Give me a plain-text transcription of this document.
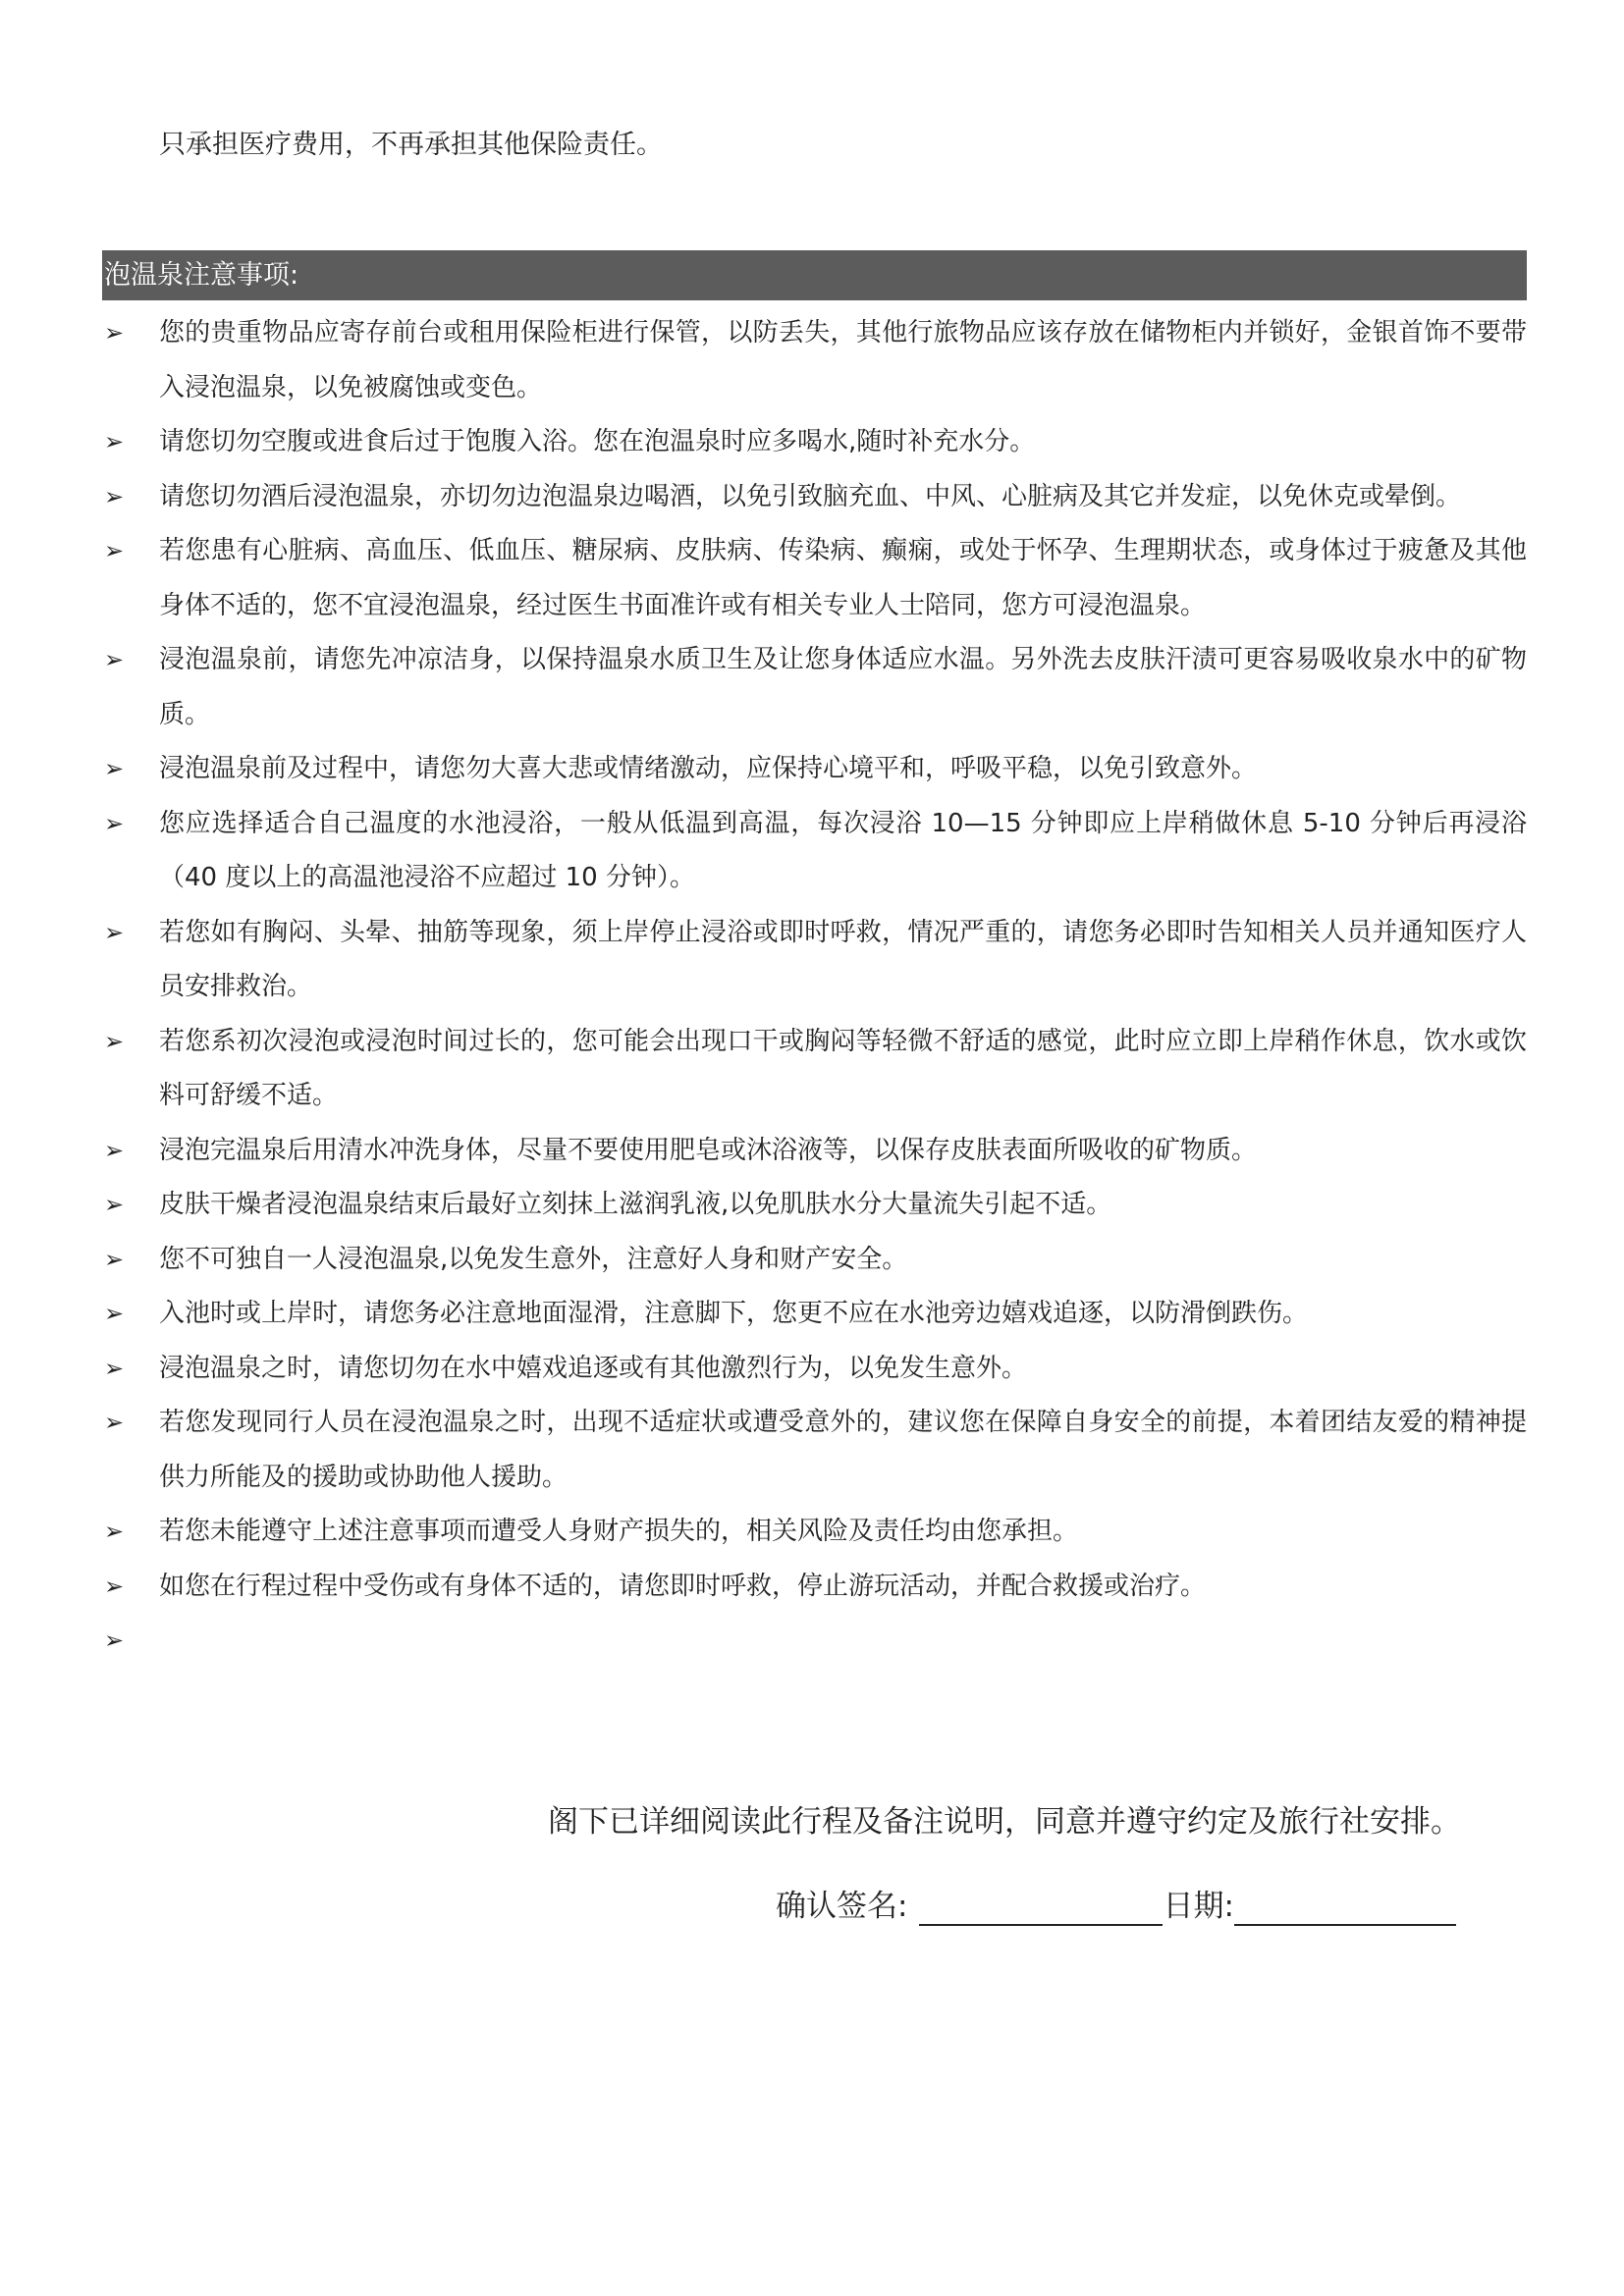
只承担医疗费用，不再承担其他保险责任。
泡温泉注意事项:
➢	您的贵重物品应寄存前台或租用保险柜进行保管，以防丢失，其他行旅物品应该存放在储物柜内并锁好，金银首饰不要带入浸泡温泉，以免被腐蚀或变色。
➢	请您切勿空腹或进食后过于饱腹入浴。您在泡温泉时应多喝水,随时补充水分。
➢	请您切勿酒后浸泡温泉，亦切勿边泡温泉边喝酒，以免引致脑充血、中风、心脏病及其它并发症，以免休克或晕倒。
➢	若您患有心脏病、高血压、低血压、糖尿病、皮肤病、传染病、癫痫，或处于怀孕、生理期状态，或身体过于疲惫及其他身体不适的，您不宜浸泡温泉，经过医生书面准许或有相关专业人士陪同，您方可浸泡温泉。
➢	浸泡温泉前，请您先冲凉洁身，以保持温泉水质卫生及让您身体适应水温。另外洗去皮肤汗渍可更容易吸收泉水中的矿物质。
➢	浸泡温泉前及过程中，请您勿大喜大悲或情绪激动，应保持心境平和，呼吸平稳，以免引致意外。
➢	您应选择适合自己温度的水池浸浴，一般从低温到高温，每次浸浴 10—15 分钟即应上岸稍做休息 5-10 分钟后再浸浴（40 度以上的高温池浸浴不应超过 10 分钟）。
➢	若您如有胸闷、头晕、抽筋等现象，须上岸停止浸浴或即时呼救，情况严重的，请您务必即时告知相关人员并通知医疗人员安排救治。
➢	若您系初次浸泡或浸泡时间过长的，您可能会出现口干或胸闷等轻微不舒适的感觉，此时应立即上岸稍作休息，饮水或饮料可舒缓不适。
➢	浸泡完温泉后用清水冲洗身体，尽量不要使用肥皂或沐浴液等，以保存皮肤表面所吸收的矿物质。
➢	皮肤干燥者浸泡温泉结束后最好立刻抹上滋润乳液,以免肌肤水分大量流失引起不适。
➢	您不可独自一人浸泡温泉,以免发生意外，注意好人身和财产安全。
➢	入池时或上岸时，请您务必注意地面湿滑，注意脚下，您更不应在水池旁边嬉戏追逐，以防滑倒跌伤。
➢	浸泡温泉之时，请您切勿在水中嬉戏追逐或有其他激烈行为，以免发生意外。
➢	若您发现同行人员在浸泡温泉之时，出现不适症状或遭受意外的，建议您在保障自身安全的前提，本着团结友爱的精神提供力所能及的援助或协助他人援助。
➢	若您未能遵守上述注意事项而遭受人身财产损失的，相关风险及责任均由您承担。
➢	如您在行程过程中受伤或有身体不适的，请您即时呼救，停止游玩活动，并配合救援或治疗。
➢

阁下已详细阅读此行程及备注说明，同意并遵守约定及旅行社安排。
确认签名:	日期:
